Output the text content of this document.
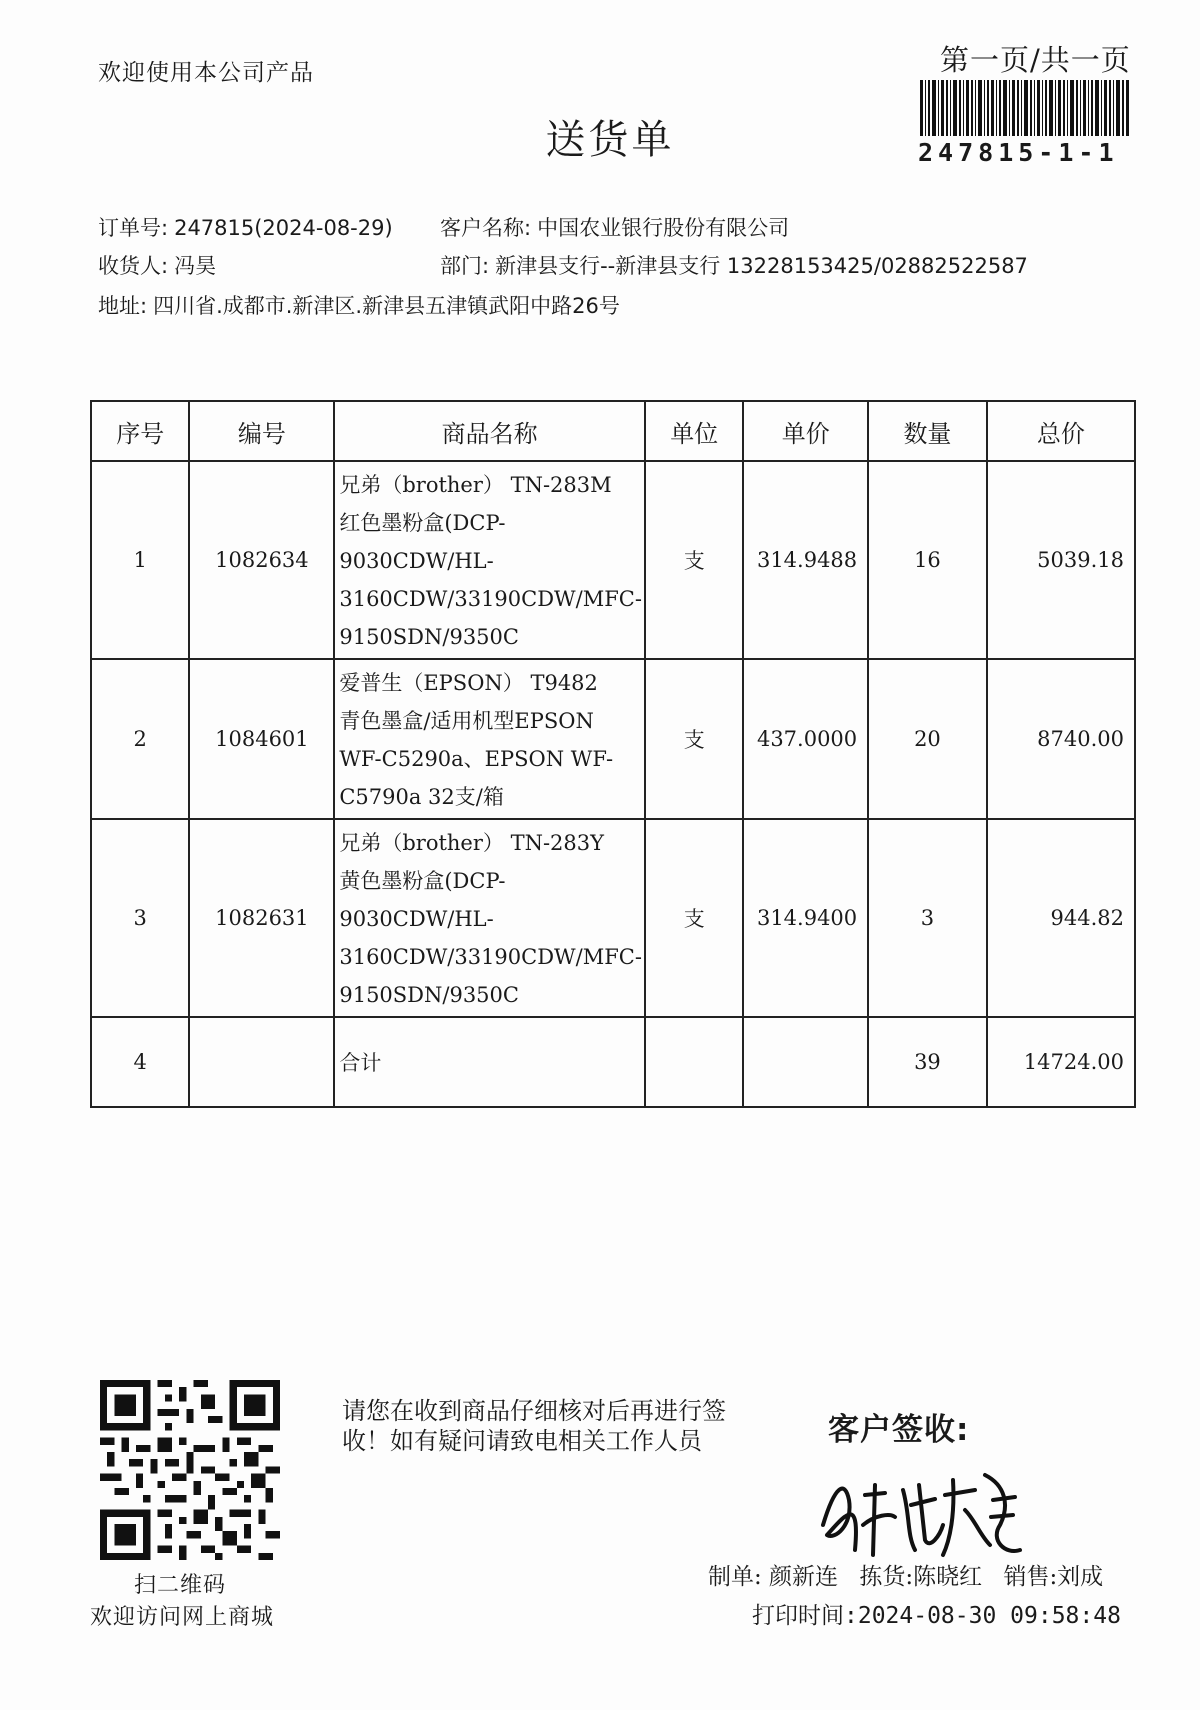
欢迎使用本公司产品
送货单
第一页/共一页
247815-1-1
订单号: 247815(2024-08-29) 客户名称: 中国农业银行股份有限公司
收货人: 冯昊	部门: 新津县支行--新津县支行 13228153425/02882522587
地址: 四川省.成都市.新津区.新津县五津镇武阳中路26号
序号	编号	商品名称	单位	单价	数量	总价
1	1082634	兄弟（brother） TN-283M
红色墨粉盒(DCP-
9030CDW/HL-
3160CDW/33190CDW/MFC-
9150SDN/9350C	支	314.9488	16	5039.18
2	1084601	爱普生（EPSON） T9482
青色墨盒/适用机型EPSON
WF-C5290a、EPSON WF-
C5790a 32支/箱	支	437.0000	20	8740.00
3	1082631	兄弟（brother） TN-283Y
黄色墨粉盒(DCP-
9030CDW/HL-
3160CDW/33190CDW/MFC-
9150SDN/9350C	支	314.9400	3	944.82
4		合计			39	14724.00
扫二维码
欢迎访问网上商城
请您在收到商品仔细核对后再进行签收！如有疑问请致电相关工作人员	客户签收:
制单: 颜新连 拣货:陈晓红 销售:刘成
打印时间:2024-08-30 09:58:48
